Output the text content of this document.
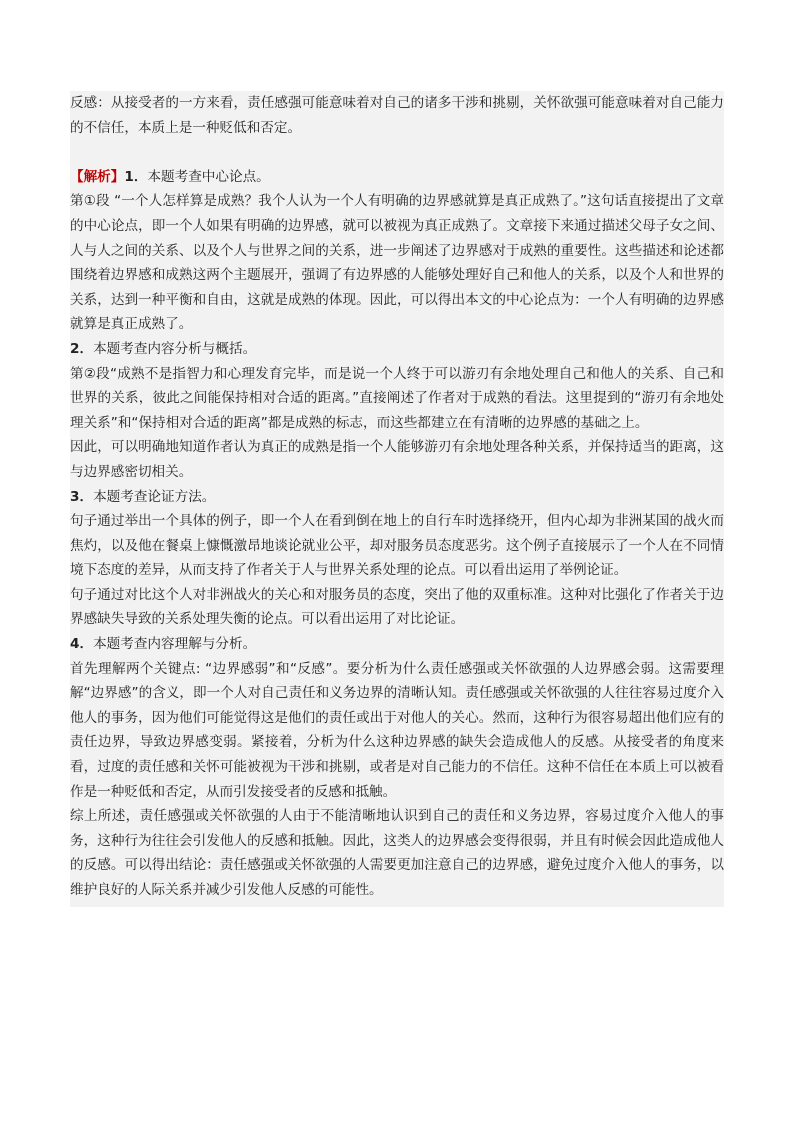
反感：从接受者的一方来看，责任感强可能意味着对自己的诸多干涉和挑剔，关怀欲强可能意味着对自己能力的不信任，本质上是一种贬低和否定。

【解析】1．本题考查中心论点。

第①段 “一个人怎样算是成熟？我个人认为一个人有明确的边界感就算是真正成熟了。”这句话直接提出了文章的中心论点，即一个人如果有明确的边界感，就可以被视为真正成熟了。文章接下来通过描述父母子女之间、人与人之间的关系、以及个人与世界之间的关系，进一步阐述了边界感对于成熟的重要性。这些描述和论述都围绕着边界感和成熟这两个主题展开，强调了有边界感的人能够处理好自己和他人的关系，以及个人和世界的关系，达到一种平衡和自由，这就是成熟的体现。因此，可以得出本文的中心论点为：一个人有明确的边界感就算是真正成熟了。

2．本题考查内容分析与概括。

第②段“成熟不是指智力和心理发育完毕，而是说一个人终于可以游刃有余地处理自己和他人的关系、自己和世界的关系，彼此之间能保持相对合适的距离。”直接阐述了作者对于成熟的看法。这里提到的“游刃有余地处理关系”和“保持相对合适的距离”都是成熟的标志，而这些都建立在有清晰的边界感的基础之上。

因此，可以明确地知道作者认为真正的成熟是指一个人能够游刃有余地处理各种关系，并保持适当的距离，这与边界感密切相关。

3．本题考查论证方法。

句子通过举出一个具体的例子，即一个人在看到倒在地上的自行车时选择绕开，但内心却为非洲某国的战火而焦灼，以及他在餐桌上慷慨激昂地谈论就业公平，却对服务员态度恶劣。这个例子直接展示了一个人在不同情境下态度的差异，从而支持了作者关于人与世界关系处理的论点。可以看出运用了举例论证。

句子通过对比这个人对非洲战火的关心和对服务员的态度，突出了他的双重标准。这种对比强化了作者关于边界感缺失导致的关系处理失衡的论点。可以看出运用了对比论证。

4．本题考查内容理解与分析。

首先理解两个关键点: “边界感弱”和“反感”。要分析为什么责任感强或关怀欲强的人边界感会弱。这需要理解“边界感”的含义，即一个人对自己责任和义务边界的清晰认知。责任感强或关怀欲强的人往往容易过度介入他人的事务，因为他们可能觉得这是他们的责任或出于对他人的关心。然而，这种行为很容易超出他们应有的责任边界，导致边界感变弱。紧接着，分析为什么这种边界感的缺失会造成他人的反感。从接受者的角度来看，过度的责任感和关怀可能被视为干涉和挑剔，或者是对自己能力的不信任。这种不信任在本质上可以被看作是一种贬低和否定，从而引发接受者的反感和抵触。

综上所述，责任感强或关怀欲强的人由于不能清晰地认识到自己的责任和义务边界，容易过度介入他人的事务，这种行为往往会引发他人的反感和抵触。因此，这类人的边界感会变得很弱，并且有时候会因此造成他人的反感。可以得出结论：责任感强或关怀欲强的人需要更加注意自己的边界感，避免过度介入他人的事务，以维护良好的人际关系并减少引发他人反感的可能性。
